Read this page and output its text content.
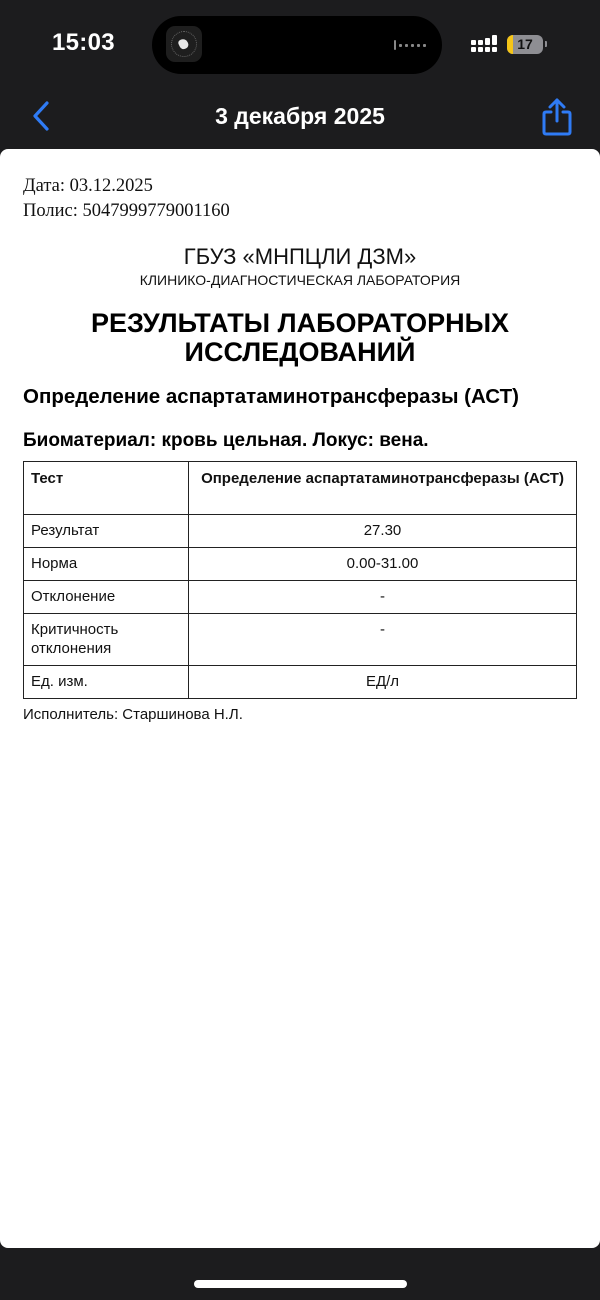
15:03	17
3 декабря 2025
Дата: 03.12.2025
Полис: 5047999779001160
ГБУЗ «МНПЦЛИ ДЗМ»
КЛИНИКО-ДИАГНОСТИЧЕСКАЯ ЛАБОРАТОРИЯ
РЕЗУЛЬТАТЫ ЛАБОРАТОРНЫХ
ИССЛЕДОВАНИЙ
Определение аспартатаминотрансферазы (АСТ)
Биоматериал: кровь цельная. Локус: вена.
Тест	Определение аспартатаминотрансферазы (АСТ)
Результат	27.30
Норма	0.00-31.00
Отклонение	-
Критичность отклонения	-
Ед. изм.	ЕД/л
Исполнитель: Старшинова Н.Л.
